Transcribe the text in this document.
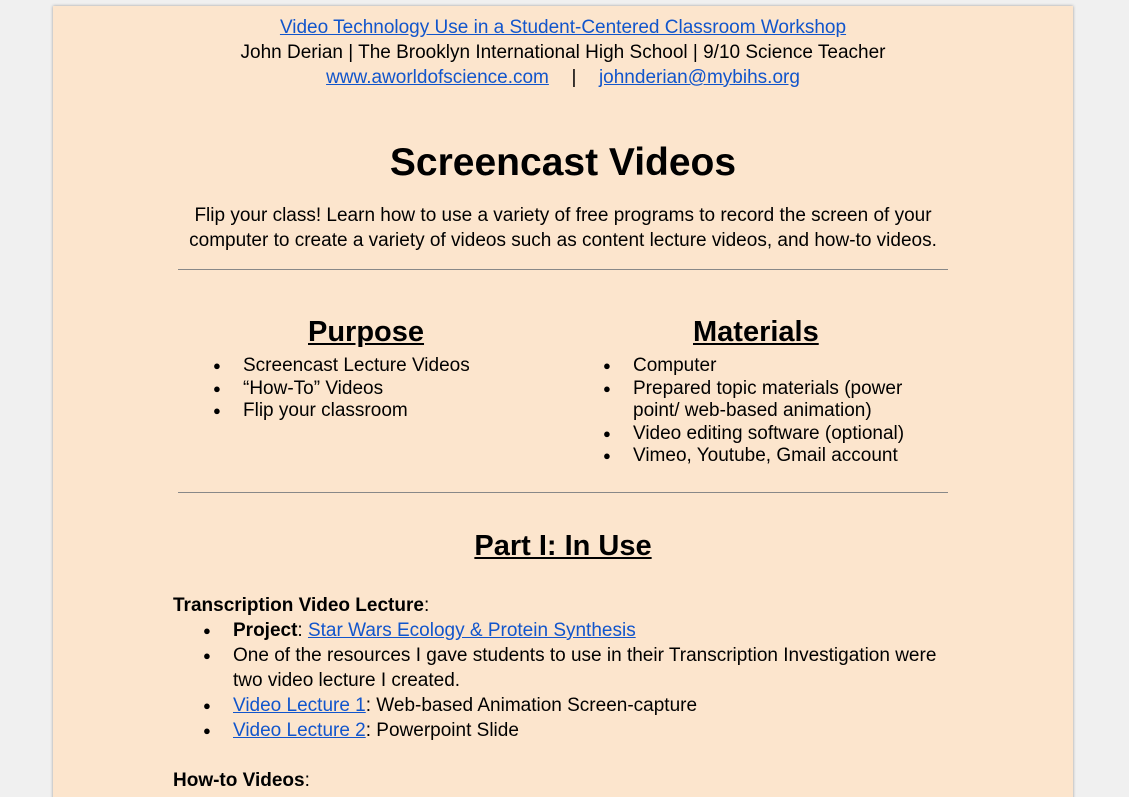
Video Technology Use in a Student-Centered Classroom Workshop
John Derian | The Brooklyn International High School | 9/10 Science Teacher
www.aworldofscience.com | johnderian@mybihs.org
Screencast Videos
Flip your class! Learn how to use a variety of free programs to record the screen of your computer to create a variety of videos such as content lecture videos, and how-to videos.
Purpose
● Screencast Lecture Videos
● “How-To” Videos
● Flip your classroom
Materials
● Computer
● Prepared topic materials (power point/ web-based animation)
● Video editing software (optional)
● Vimeo, Youtube, Gmail account
Part I: In Use
Transcription Video Lecture:
● Project: Star Wars Ecology & Protein Synthesis
● One of the resources I gave students to use in their Transcription Investigation were two video lecture I created.
● Video Lecture 1: Web-based Animation Screen-capture
● Video Lecture 2: Powerpoint Slide
How-to Videos:
